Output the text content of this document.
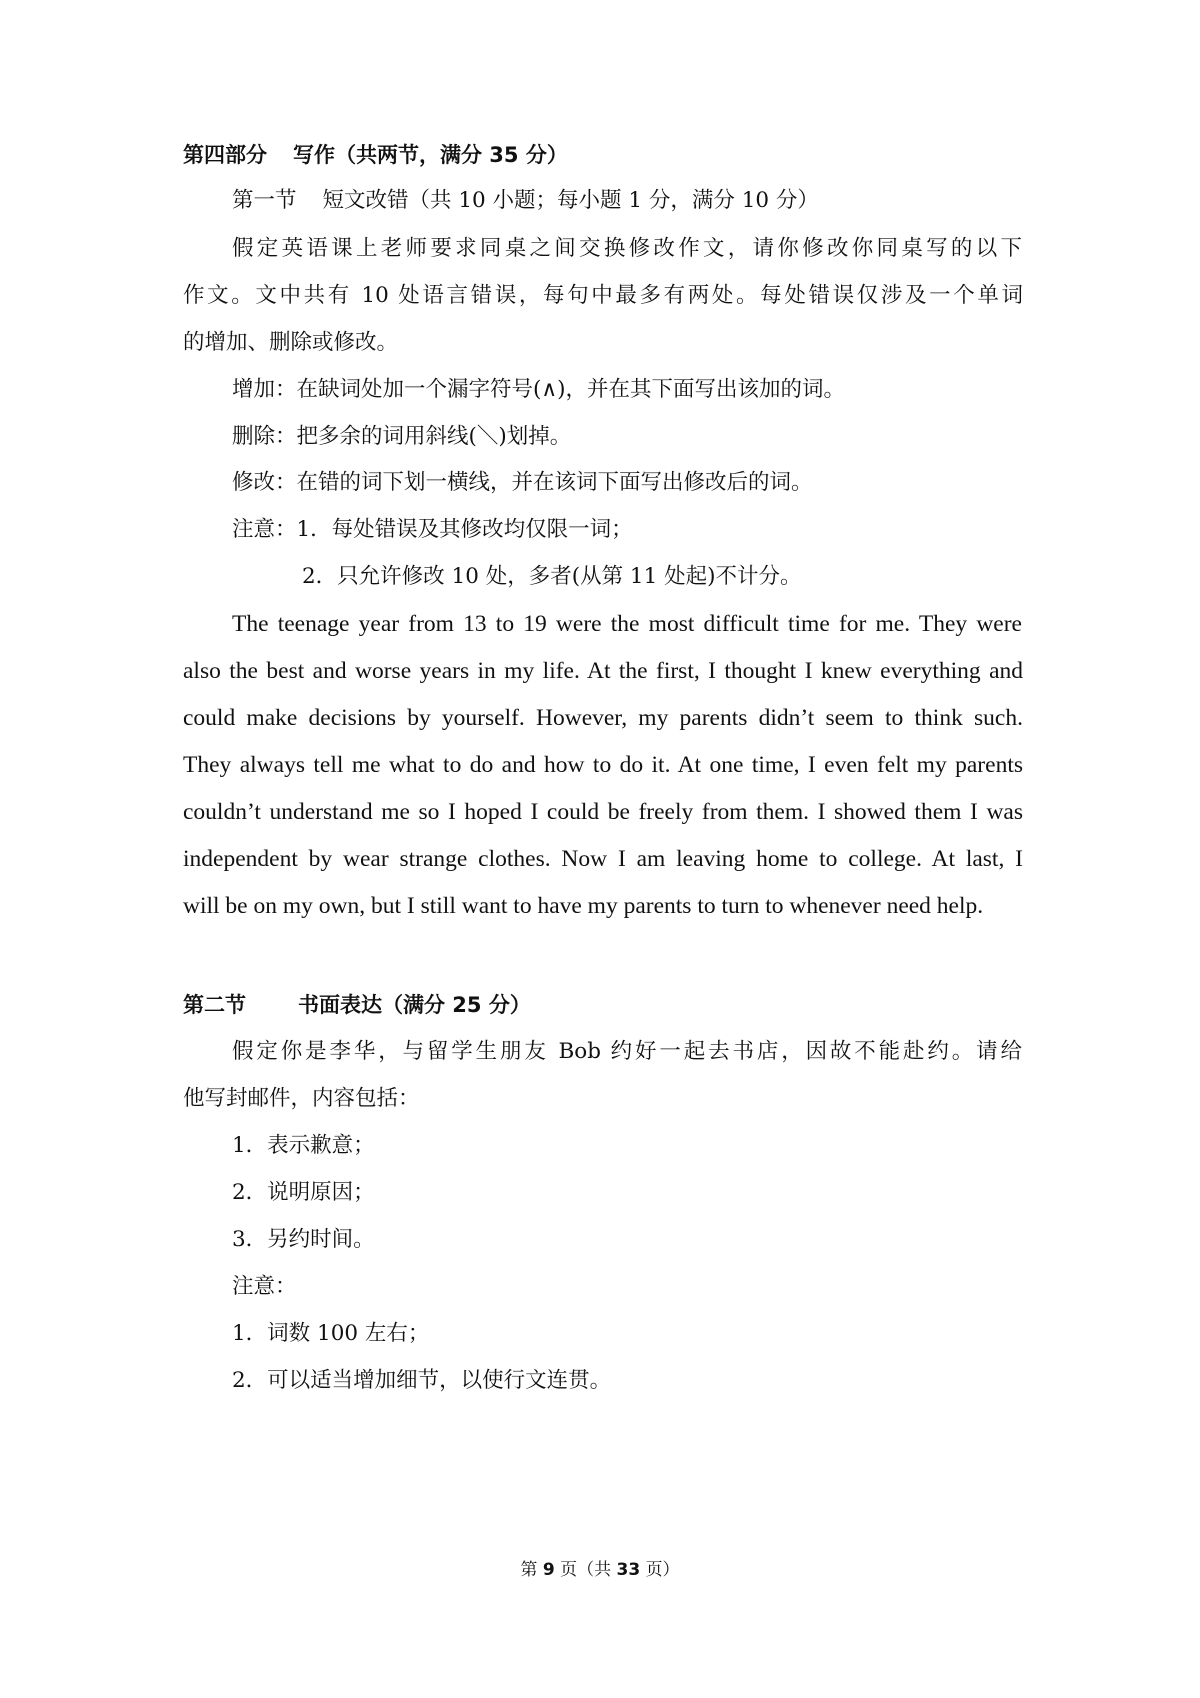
第四部分 写作（共两节，满分 35 分）
第一节 短文改错（共 10 小题；每小题 1 分，满分 10 分）
假定英语课上老师要求同桌之间交换修改作文，请你修改你同桌写的以下
作文。文中共有 10 处语言错误，每句中最多有两处。每处错误仅涉及一个单词
的增加、删除或修改。
增加：在缺词处加一个漏字符号(∧)，并在其下面写出该加的词。
删除：把多余的词用斜线(＼)划掉。
修改：在错的词下划一横线，并在该词下面写出修改后的词。
注意：1．每处错误及其修改均仅限一词；
2．只允许修改 10 处，多者(从第 11 处起)不计分。
The teenage year from 13 to 19 were the most difficult time for me. They were
also the best and worse years in my life. At the first, I thought I knew everything and
could make decisions by yourself. However, my parents didn’t seem to think such.
They always tell me what to do and how to do it. At one time, I even felt my parents
couldn’t understand me so I hoped I could be freely from them. I showed them I was
independent by wear strange clothes. Now I am leaving home to college. At last, I
will be on my own, but I still want to have my parents to turn to whenever need help.
第二节 书面表达（满分 25 分）
假定你是李华，与留学生朋友 Bob 约好一起去书店，因故不能赴约。请给
他写封邮件，内容包括：
1．表示歉意；
2．说明原因；
3．另约时间。
注意：
1．词数 100 左右；
2．可以适当增加细节，以使行文连贯。
第 9 页（共 33 页）
